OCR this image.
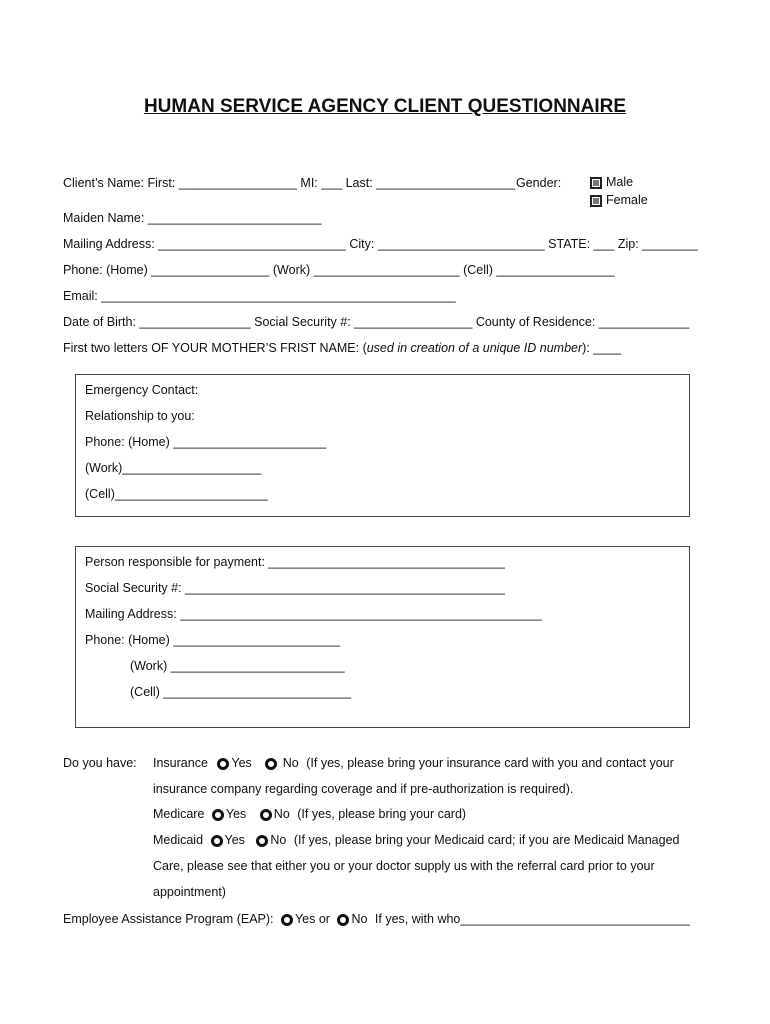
HUMAN SERVICE AGENCY CLIENT QUESTIONNAIRE
Client’s Name: First: _________________ MI: ___ Last: ____________________ Gender:	Male
Female
Maiden Name: _________________________
Mailing Address: ___________________________ City: ________________________ STATE: ___ Zip: ________
Phone: (Home) _________________ (Work) _____________________ (Cell) _________________
Email: ___________________________________________________
Date of Birth: ________________ Social Security #: _________________ County of Residence: _____________
First two letters OF YOUR MOTHER’S FRIST NAME: (used in creation of a unique ID number): ____
Emergency Contact:
Relationship to you:
Phone: (Home) ______________________
(Work)____________________
(Cell)______________________
Person responsible for payment: __________________________________
Social Security #: ______________________________________________
Mailing Address: ____________________________________________________
Phone: (Home) ________________________
(Work) _________________________
(Cell) ___________________________
Do you have: Insurance Yes No (If yes, please bring your insurance card with you and contact your
insurance company regarding coverage and if pre-authorization is required).
Medicare Yes No (If yes, please bring your card)
Medicaid Yes No (If yes, please bring your Medicaid card; if you are Medicaid Managed
Care, please see that either you or your doctor supply us with the referral card prior to your
appointment)
Employee Assistance Program (EAP): Yes or No If yes, with who_________________________________
